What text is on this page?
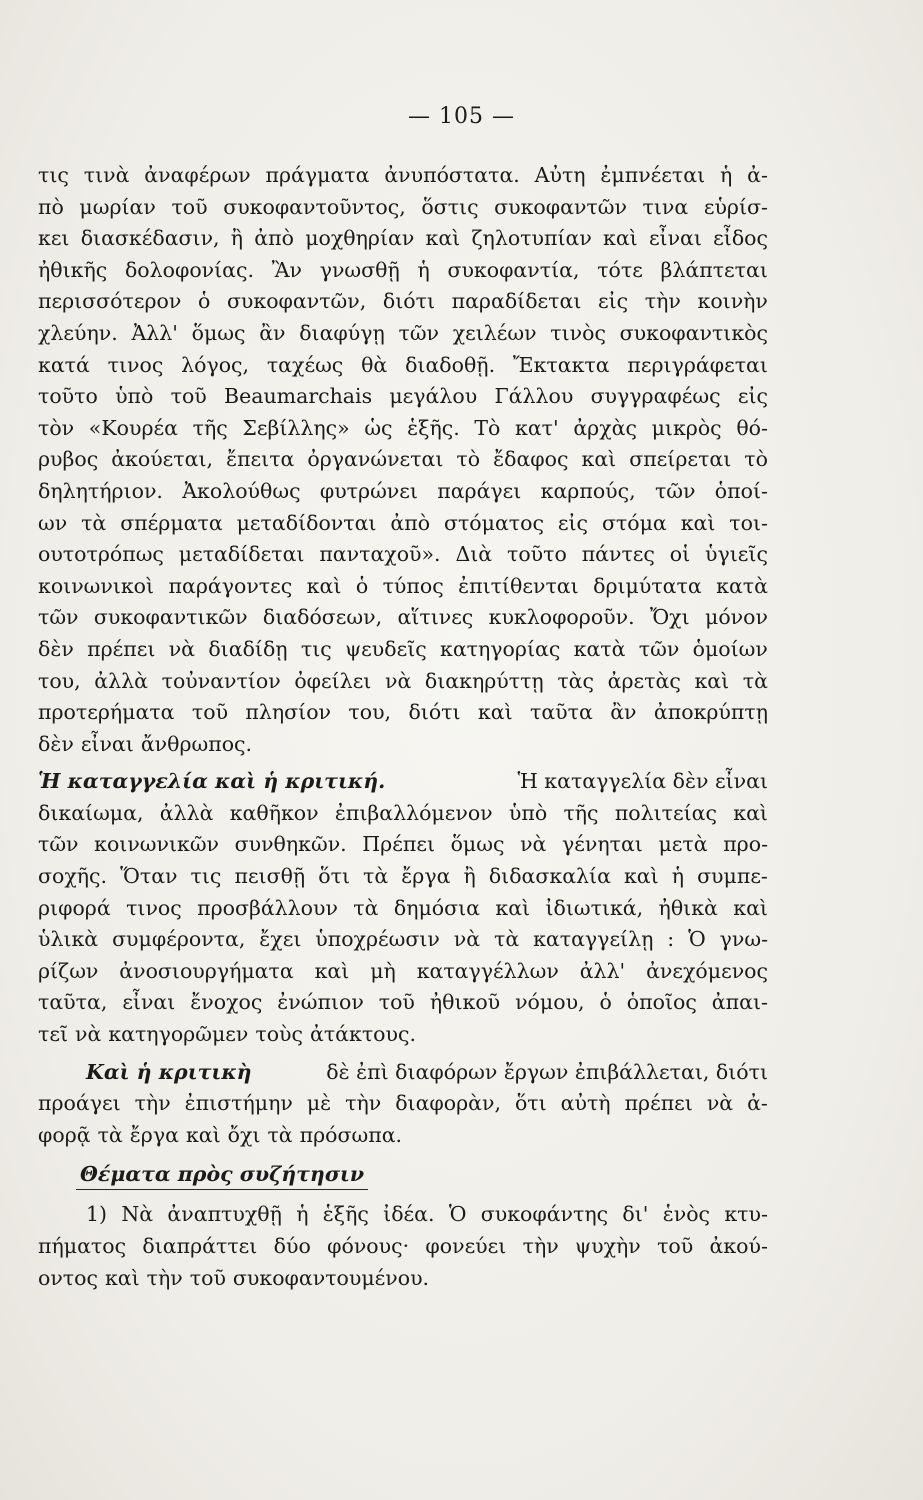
— 105 —
τις τινὰ ἀναφέρων πράγματα ἀνυπόστατα. Αὐτη ἐμπνέεται ἡ ἀ-
πὸ μωρίαν τοῦ συκοφαντοῦντος, ὅστις συκοφαντῶν τινα εὑρίσ-
κει διασκέδασιν, ἢ ἀπὸ μοχθηρίαν καὶ ζηλοτυπίαν καὶ εἶναι εἶδος
ἠθικῆς δολοφονίας. Ἂν γνωσθῇ ἡ συκοφαντία, τότε βλάπτεται
περισσότερον ὁ συκοφαντῶν, διότι παραδίδεται εἰς τὴν κοινὴν
χλεύην. Ἀλλ' ὅμως ἂν διαφύγῃ τῶν χειλέων τινὸς συκοφαντικὸς
κατά τινος λόγος, ταχέως θὰ διαδοθῇ. Ἔκτακτα περιγράφεται
τοῦτο ὑπὸ τοῦ Beaumarchais μεγάλου Γάλλου συγγραφέως εἰς
τὸν «Κουρέα τῆς Σεβίλλης» ὡς ἑξῆς. Τὸ κατ' ἀρχὰς μικρὸς θό-
ρυβος ἀκούεται, ἔπειτα ὀργανώνεται τὸ ἔδαφος καὶ σπείρεται τὸ
δηλητήριον. Ἀκολούθως φυτρώνει παράγει καρπούς, τῶν ὁποί-
ων τὰ σπέρματα μεταδίδονται ἀπὸ στόματος εἰς στόμα καὶ τοι-
ουτοτρόπως μεταδίδεται πανταχοῦ». Διὰ τοῦτο πάντες οἱ ὑγιεῖς
κοινωνικοὶ παράγοντες καὶ ὁ τύπος ἐπιτίθενται δριμύτατα κατὰ
τῶν συκοφαντικῶν διαδόσεων, αἵτινες κυκλοφοροῦν. Ὄχι μόνον
δὲν πρέπει νὰ διαδίδῃ τις ψευδεῖς κατηγορίας κατὰ τῶν ὁμοίων
του, ἀλλὰ τοὐναντίον ὀφείλει νὰ διακηρύττῃ τὰς ἀρετὰς καὶ τὰ
προτερήματα τοῦ πλησίον του, διότι καὶ ταῦτα ἂν ἀποκρύπτῃ
δὲν εἶναι ἄνθρωπος.
Ἡ καταγγελία καὶ ἡ κριτική.	Ἡ καταγγελία δὲν εἶναι
δικαίωμα, ἀλλὰ καθῆκον ἐπιβαλλόμενον ὑπὸ τῆς πολιτείας καὶ
τῶν κοινωνικῶν συνθηκῶν. Πρέπει ὅμως νὰ γένηται μετὰ προ-
σοχῆς. Ὅταν τις πεισθῇ ὅτι τὰ ἔργα ἢ διδασκαλία καὶ ἡ συμπε-
ριφορά τινος προσβάλλουν τὰ δημόσια καὶ ἰδιωτικά, ἠθικὰ καὶ
ὑλικὰ συμφέροντα, ἔχει ὑποχρέωσιν νὰ τὰ καταγγείλῃ : Ὁ γνω-
ρίζων ἀνοσιουργήματα καὶ μὴ καταγγέλλων ἀλλ' ἀνεχόμενος
ταῦτα, εἶναι ἔνοχος ἐνώπιον τοῦ ἠθικοῦ νόμου, ὁ ὁποῖος ἀπαι-
τεῖ νὰ κατηγορῶμεν τοὺς ἀτάκτους.
Καὶ ἡ κριτικὴ	δὲ ἐπὶ διαφόρων ἔργων ἐπιβάλλεται, διότι
προάγει τὴν ἐπιστήμην μὲ τὴν διαφορὰν, ὅτι αὐτὴ πρέπει νὰ ἀ-
φορᾷ τὰ ἔργα καὶ ὄχι τὰ πρόσωπα.
Θέματα πρὸς συζήτησιν
1) Νὰ ἀναπτυχθῇ ἡ ἑξῆς ἰδέα. Ὁ συκοφάντης δι' ἑνὸς κτυ-
πήματος διαπράττει δύο φόνους· φονεύει τὴν ψυχὴν τοῦ ἀκού-
οντος καὶ τὴν τοῦ συκοφαντουμένου.
